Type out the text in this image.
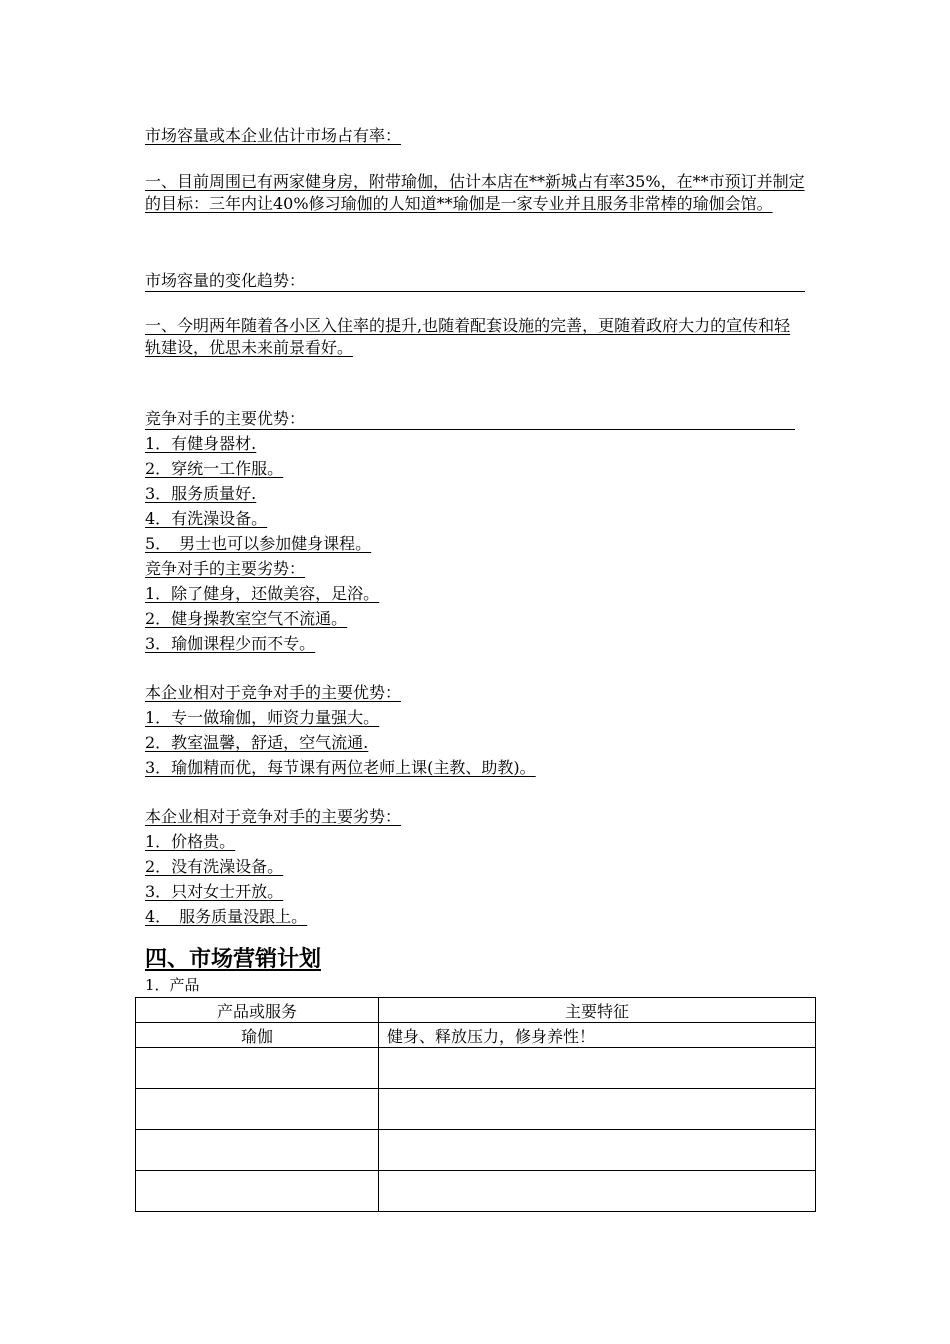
市场容量或本企业估计市场占有率：
一、目前周围已有两家健身房，附带瑜伽，估计本店在**新城占有率35%，在**市预订并制定的目标：三年内让40%修习瑜伽的人知道**瑜伽是一家专业并且服务非常棒的瑜伽会馆。
市场容量的变化趋势：
一、今明两年随着各小区入住率的提升,也随着配套设施的完善，更随着政府大力的宣传和轻轨建设，优思未来前景看好。
竞争对手的主要优势：
1．有健身器材.
2．穿统一工作服。
3．服务质量好.
4．有洗澡设备。
5．　男士也可以参加健身课程。
竞争对手的主要劣势：
1．除了健身，还做美容，足浴。
2．健身操教室空气不流通。
3．瑜伽课程少而不专。
本企业相对于竞争对手的主要优势：
1．专一做瑜伽，师资力量强大。
2．教室温馨，舒适，空气流通.
3．瑜伽精而优，每节课有两位老师上课(主教、助教)。
本企业相对于竞争对手的主要劣势：
1．价格贵。
2．没有洗澡设备。
3．只对女士开放。
4．　服务质量没跟上。
四、市场营销计划
1．产品
产品或服务	主要特征
瑜伽	健身、释放压力，修身养性！
